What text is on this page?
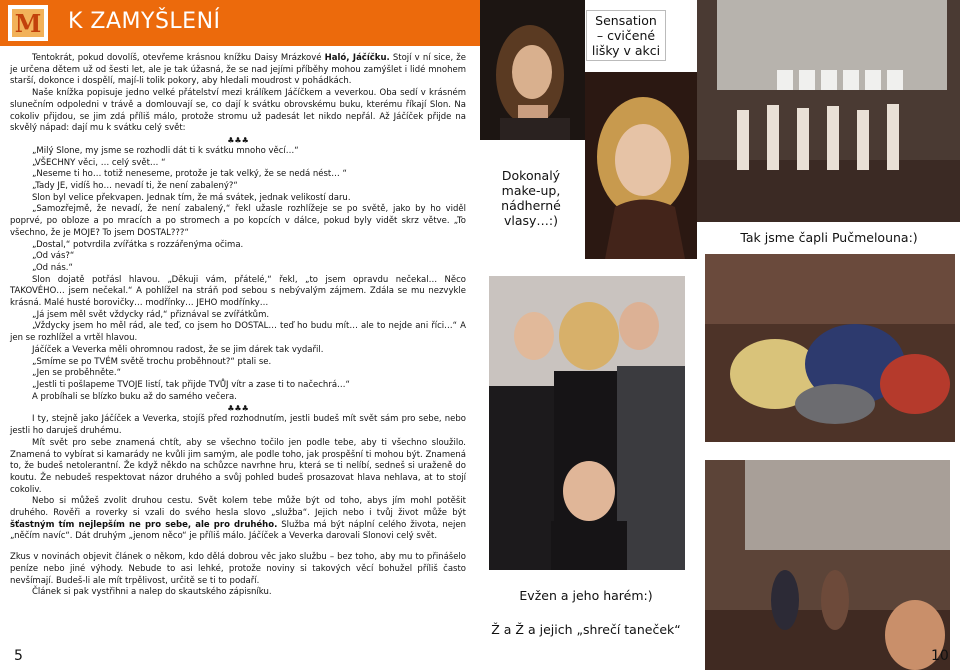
M K ZAMYŠLENÍ

Tentokrát, pokud dovolíš, otevřeme krásnou knížku Daisy Mrázkové Haló, Jáčíčku. Stojí v ní sice, že je určena dětem už od šesti let, ale je tak úžasná, že se nad jejími příběhy mohou zamýšlet i lidé mnohem starší, dokonce i dospělí, mají-li tolik pokory, aby hledali moudrost v pohádkách.

Naše knížka popisuje jedno velké přátelství mezi králíkem Jáčíčkem a veverkou. Oba sedí v krásném slunečním odpoledni v trávě a domlouvají se, co dají k svátku obrovskému buku, kterému říkají Slon. Na cokoliv přijdou, se jim zdá příliš málo, protože stromu už padesát let nikdo nepřál. Až Jáčíček přijde na skvělý nápad: dají mu k svátku celý svět:

♣♣♣

„Milý Slone, my jsme se rozhodli dát ti k svátku mnoho věcí…“

„VŠECHNY věci, … celý svět… “

„Neseme ti ho… totiž neneseme, protože je tak velký, že se nedá nést… “

„Tady JE, vidíš ho… nevadí ti, že není zabalený?“

Slon byl velice překvapen. Jednak tím, že má svátek, jednak velikostí daru.

„Samozřejmě, že nevadí, že není zabalený,“ řekl užasle rozhlížeje se po světě, jako by ho viděl poprvé, po obloze a po mracích a po stromech a po kopcích v dálce, pokud byly vidět skrz větve. „To všechno, že je MOJE? To jsem DOSTAL???“

„Dostal,“ potvrdila zvířátka s rozzářenýma očima.

„Od vás?“

„Od nás.“

Slon dojatě potřásl hlavou. „Děkuji vám, přátelé,“ řekl, „to jsem opravdu nečekal… Něco TAKOVÉHO… jsem nečekal.“ A pohlížel na stráň pod sebou s nebývalým zájmem. Zdála se mu nezvykle krásná. Malé husté borovičky… modřínky… JEHO modřínky…

„Já jsem měl svět vždycky rád,“ přiznával se zvířátkům.

„Vždycky jsem ho měl rád, ale teď, co jsem ho DOSTAL… teď ho budu mít… ale to nejde ani říci…“ A jen se rozhlížel a vrtěl hlavou.

Jáčíček a Veverka měli ohromnou radost, že se jim dárek tak vydařil.

„Smíme se po TVÉM světě trochu proběhnout?“ ptali se.

„Jen se proběhněte.“

„Jestli ti pošlapeme TVOJE listí, tak přijde TVŮJ vítr a zase ti to načechrá…“

A probíhali se blízko buku až do samého večera.

♣♣♣

I ty, stejně jako Jáčíček a Veverka, stojíš před rozhodnutím, jestli budeš mít svět sám pro sebe, nebo jestli ho daruješ druhému.

Mít svět pro sebe znamená chtít, aby se všechno točilo jen podle tebe, aby ti všechno sloužilo. Znamená to vybírat si kamarády ne kvůli jim samým, ale podle toho, jak prospěšní ti mohou být. Znamená to, že budeš netolerantní. Že když někdo na schůzce navrhne hru, která se ti nelíbí, sedneš si uraženě do koutu. Že nebudeš respektovat názor druhého a svůj pohled budeš prosazovat hlava nehlava, at to stojí cokoliv.

Nebo si můžeš zvolit druhou cestu. Svět kolem tebe může být od toho, abys jím mohl potěšit druhého. Rověři a roverky si vzali do svého hesla slovo „služba“. Jejich nebo i tvůj život může být šťastným tím nejlepším ne pro sebe, ale pro druhého. Služba má být náplní celého života, nejen „něčím navíc“. Dát druhým „jenom něco“ je příliš málo. Jáčíček a Veverka darovali Slonovi celý svět.

Zkus v novinách objevit článek o někom, kdo dělá dobrou věc jako službu – bez toho, aby mu to přinášelo peníze nebo jiné výhody. Nebude to asi lehké, protože noviny si takových věcí bohužel příliš často nevšímají. Budeš-li ale mít trpělivost, určitě se ti to podaří.

Článek si pak vystřihni a nalep do skautského zápisníku.

5
Sensation – cvičené lišky v akci
Dokonalý make-up, nádherné vlasy…:)
Tak jsme čapli Pučmelouna:)
Evžen a jeho harém:)
Ž a Ž a jejich „shrečí taneček“
10
